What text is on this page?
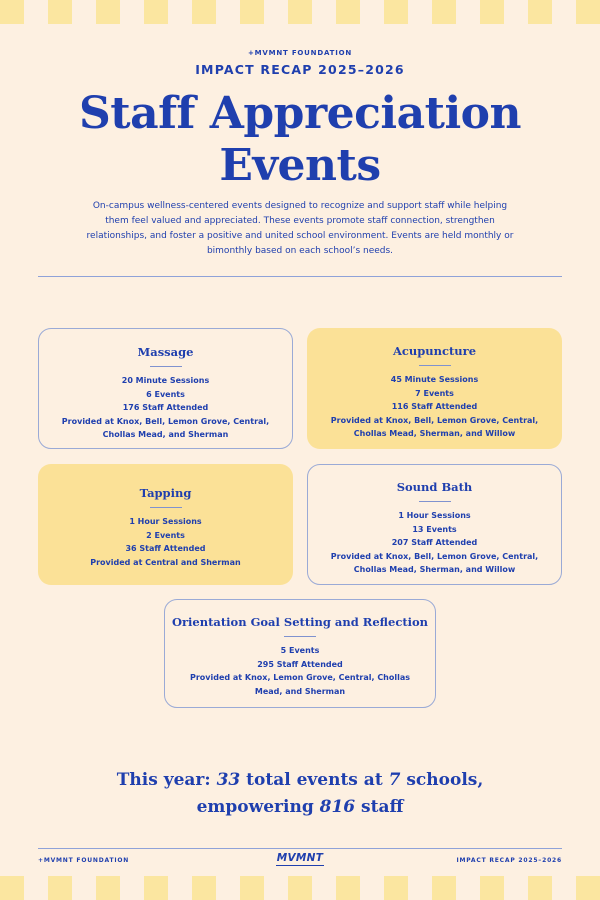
+MVMNT FOUNDATION
IMPACT RECAP 2025–2026
Staff Appreciation
Events
On-campus wellness-centered events designed to recognize and support staff while helping them feel valued and appreciated. These events promote staff connection, strengthen relationships, and foster a positive and united school environment. Events are held monthly or bimonthly based on each school’s needs.
Massage

20 Minute Sessions

6 Events

176 Staff Attended

Provided at Knox, Bell, Lemon Grove, Central,

Chollas Mead, and Sherman

Acupuncture

45 Minute Sessions

7 Events

116 Staff Attended

Provided at Knox, Bell, Lemon Grove, Central,

Chollas Mead, Sherman, and Willow

Tapping

1 Hour Sessions

2 Events

36 Staff Attended

Provided at Central and Sherman

Sound Bath

1 Hour Sessions

13 Events

207 Staff Attended

Provided at Knox, Bell, Lemon Grove, Central,

Chollas Mead, Sherman, and Willow

Orientation Goal Setting and Reflection

5 Events

295 Staff Attended

Provided at Knox, Lemon Grove, Central, Chollas

Mead, and Sherman

This year: 33 total events at 7 schools,
empowering 816 staff
+MVMNT FOUNDATION	MVMNT	IMPACT RECAP 2025–2026
